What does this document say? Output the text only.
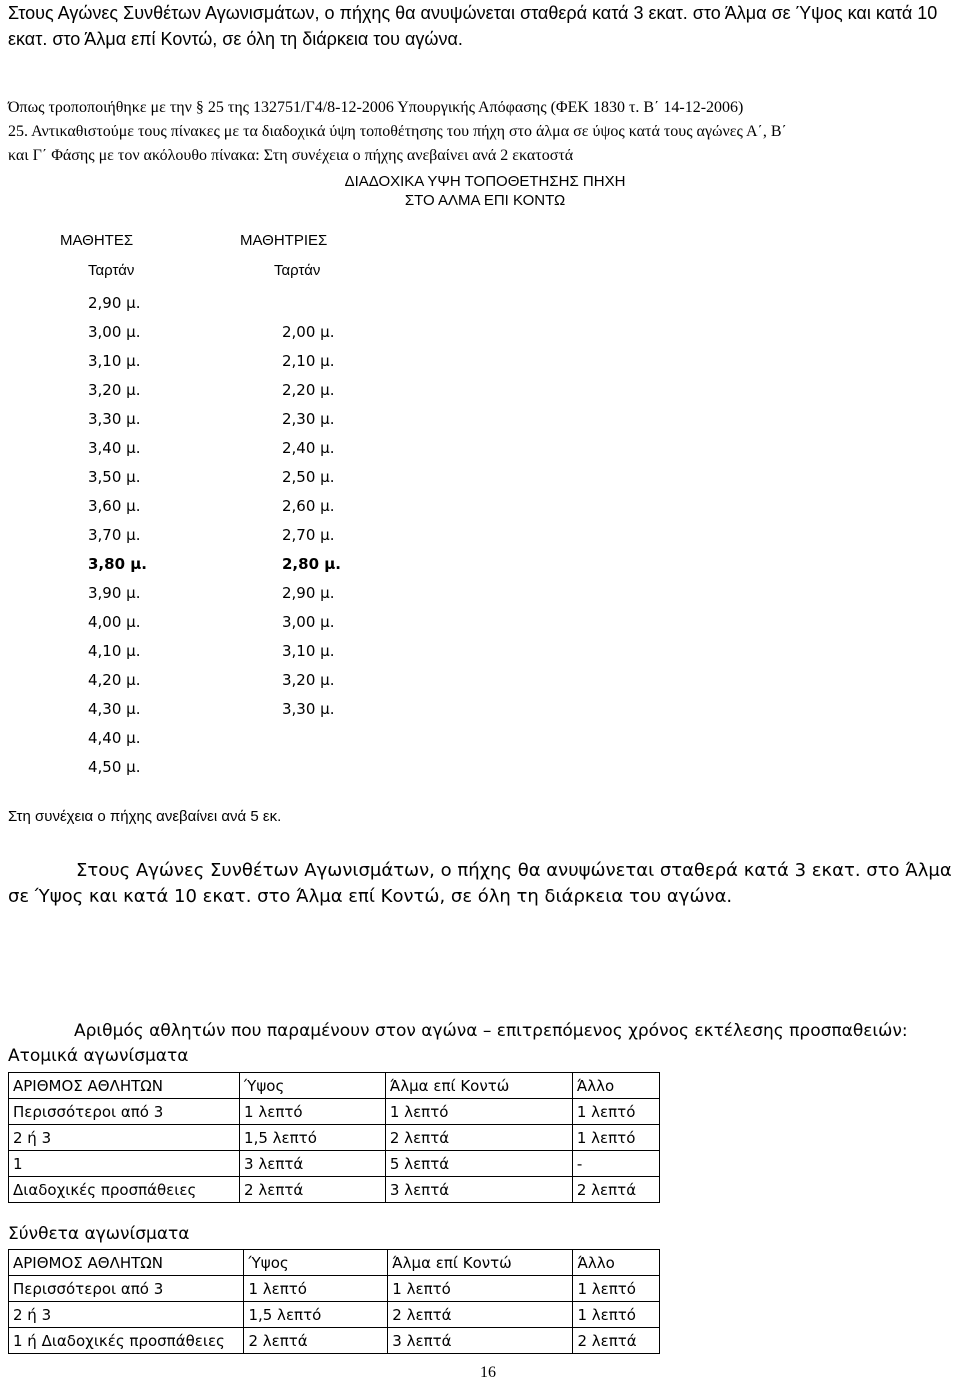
Στους Αγώνες Συνθέτων Αγωνισμάτων, ο πήχης θα ανυψώνεται σταθερά κατά 3 εκατ. στο Άλμα σε Ύψος και κατά 10 εκατ. στο Άλμα επί Κοντώ, σε όλη τη διάρκεια του αγώνα.
Όπως τροποποιήθηκε με την § 25 της 132751/Γ4/8-12-2006 Υπουργικής Απόφασης (ΦΕΚ 1830 τ. Β΄ 14-12-2006)
25. Αντικαθιστούμε τους πίνακες με τα διαδοχικά ύψη τοποθέτησης του πήχη στο άλμα σε ύψος κατά τους αγώνες Α΄, Β΄
και Γ΄ Φάσης με τον ακόλουθο πίνακα: Στη συνέχεια ο πήχης ανεβαίνει ανά 2 εκατοστά
ΔΙΑΔΟΧΙΚΑ ΥΨΗ ΤΟΠΟΘΕΤΗΣΗΣ ΠΗΧΗ
ΣΤΟ ΑΛΜΑ ΕΠΙ ΚΟΝΤΩ
ΜΑΘΗΤΕΣ	ΜΑΘΗΤΡΙΕΣ
Ταρτάν	Ταρτάν
2,90 μ.
3,00 μ.	2,00 μ.
3,10 μ.	2,10 μ.
3,20 μ.	2,20 μ.
3,30 μ.	2,30 μ.
3,40 μ.	2,40 μ.
3,50 μ.	2,50 μ.
3,60 μ.	2,60 μ.
3,70 μ.	2,70 μ.
3,80 μ.	2,80 μ.
3,90 μ.	2,90 μ.
4,00 μ.	3,00 μ.
4,10 μ.	3,10 μ.
4,20 μ.	3,20 μ.
4,30 μ.	3,30 μ.
4,40 μ.
4,50 μ.
Στη συνέχεια ο πήχης ανεβαίνει ανά 5 εκ.
Στους Αγώνες Συνθέτων Αγωνισμάτων, ο πήχης θα ανυψώνεται σταθερά κατά 3 εκατ. στο Άλμα σε Ύψος και κατά 10 εκατ. στο Άλμα επί Κοντώ, σε όλη τη διάρκεια του αγώνα.
Αριθμός αθλητών που παραμένουν στον αγώνα – επιτρεπόμενος χρόνος εκτέλεσης προσπαθειών:
Ατομικά αγωνίσματα
ΑΡΙΘΜΟΣ ΑΘΛΗΤΩΝ	Ύψος	Άλμα επί Κοντώ	Άλλο
Περισσότεροι από 3	1 λεπτό	1 λεπτό	1 λεπτό
2 ή 3	1,5 λεπτό	2 λεπτά	1 λεπτό
1	3 λεπτά	5 λεπτά	-
Διαδοχικές προσπάθειες	2 λεπτά	3 λεπτά	2 λεπτά
Σύνθετα αγωνίσματα
ΑΡΙΘΜΟΣ ΑΘΛΗΤΩΝ	Ύψος	Άλμα επί Κοντώ	Άλλο
Περισσότεροι από 3	1 λεπτό	1 λεπτό	1 λεπτό
2 ή 3	1,5 λεπτό	2 λεπτά	1 λεπτό
1 ή Διαδοχικές προσπάθειες	2 λεπτά	3 λεπτά	2 λεπτά
16
